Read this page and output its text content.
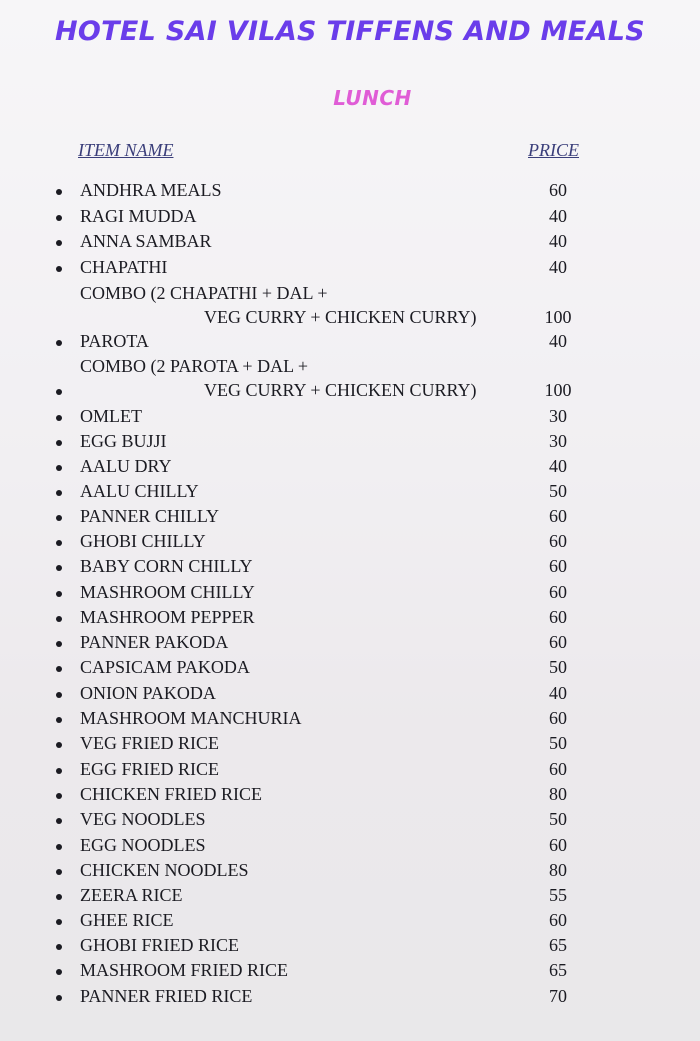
HOTEL SAI VILAS TIFFENS AND MEALS
LUNCH
ITEM NAME	PRICE
ANDHRA MEALS	60
RAGI MUDDA	40
ANNA SAMBAR	40
CHAPATHI	40
COMBO (2 CHAPATHI + DAL +
VEG CURRY + CHICKEN CURRY)	100
PAROTA	40
COMBO (2 PAROTA + DAL +
VEG CURRY + CHICKEN CURRY)	100
OMLET	30
EGG BUJJI	30
AALU DRY	40
AALU CHILLY	50
PANNER CHILLY	60
GHOBI CHILLY	60
BABY CORN CHILLY	60
MASHROOM CHILLY	60
MASHROOM PEPPER	60
PANNER PAKODA	60
CAPSICAM PAKODA	50
ONION PAKODA	40
MASHROOM MANCHURIA	60
VEG FRIED RICE	50
EGG FRIED RICE	60
CHICKEN FRIED RICE	80
VEG NOODLES	50
EGG NOODLES	60
CHICKEN NOODLES	80
ZEERA RICE	55
GHEE RICE	60
GHOBI FRIED RICE	65
MASHROOM FRIED RICE	65
PANNER FRIED RICE	70
